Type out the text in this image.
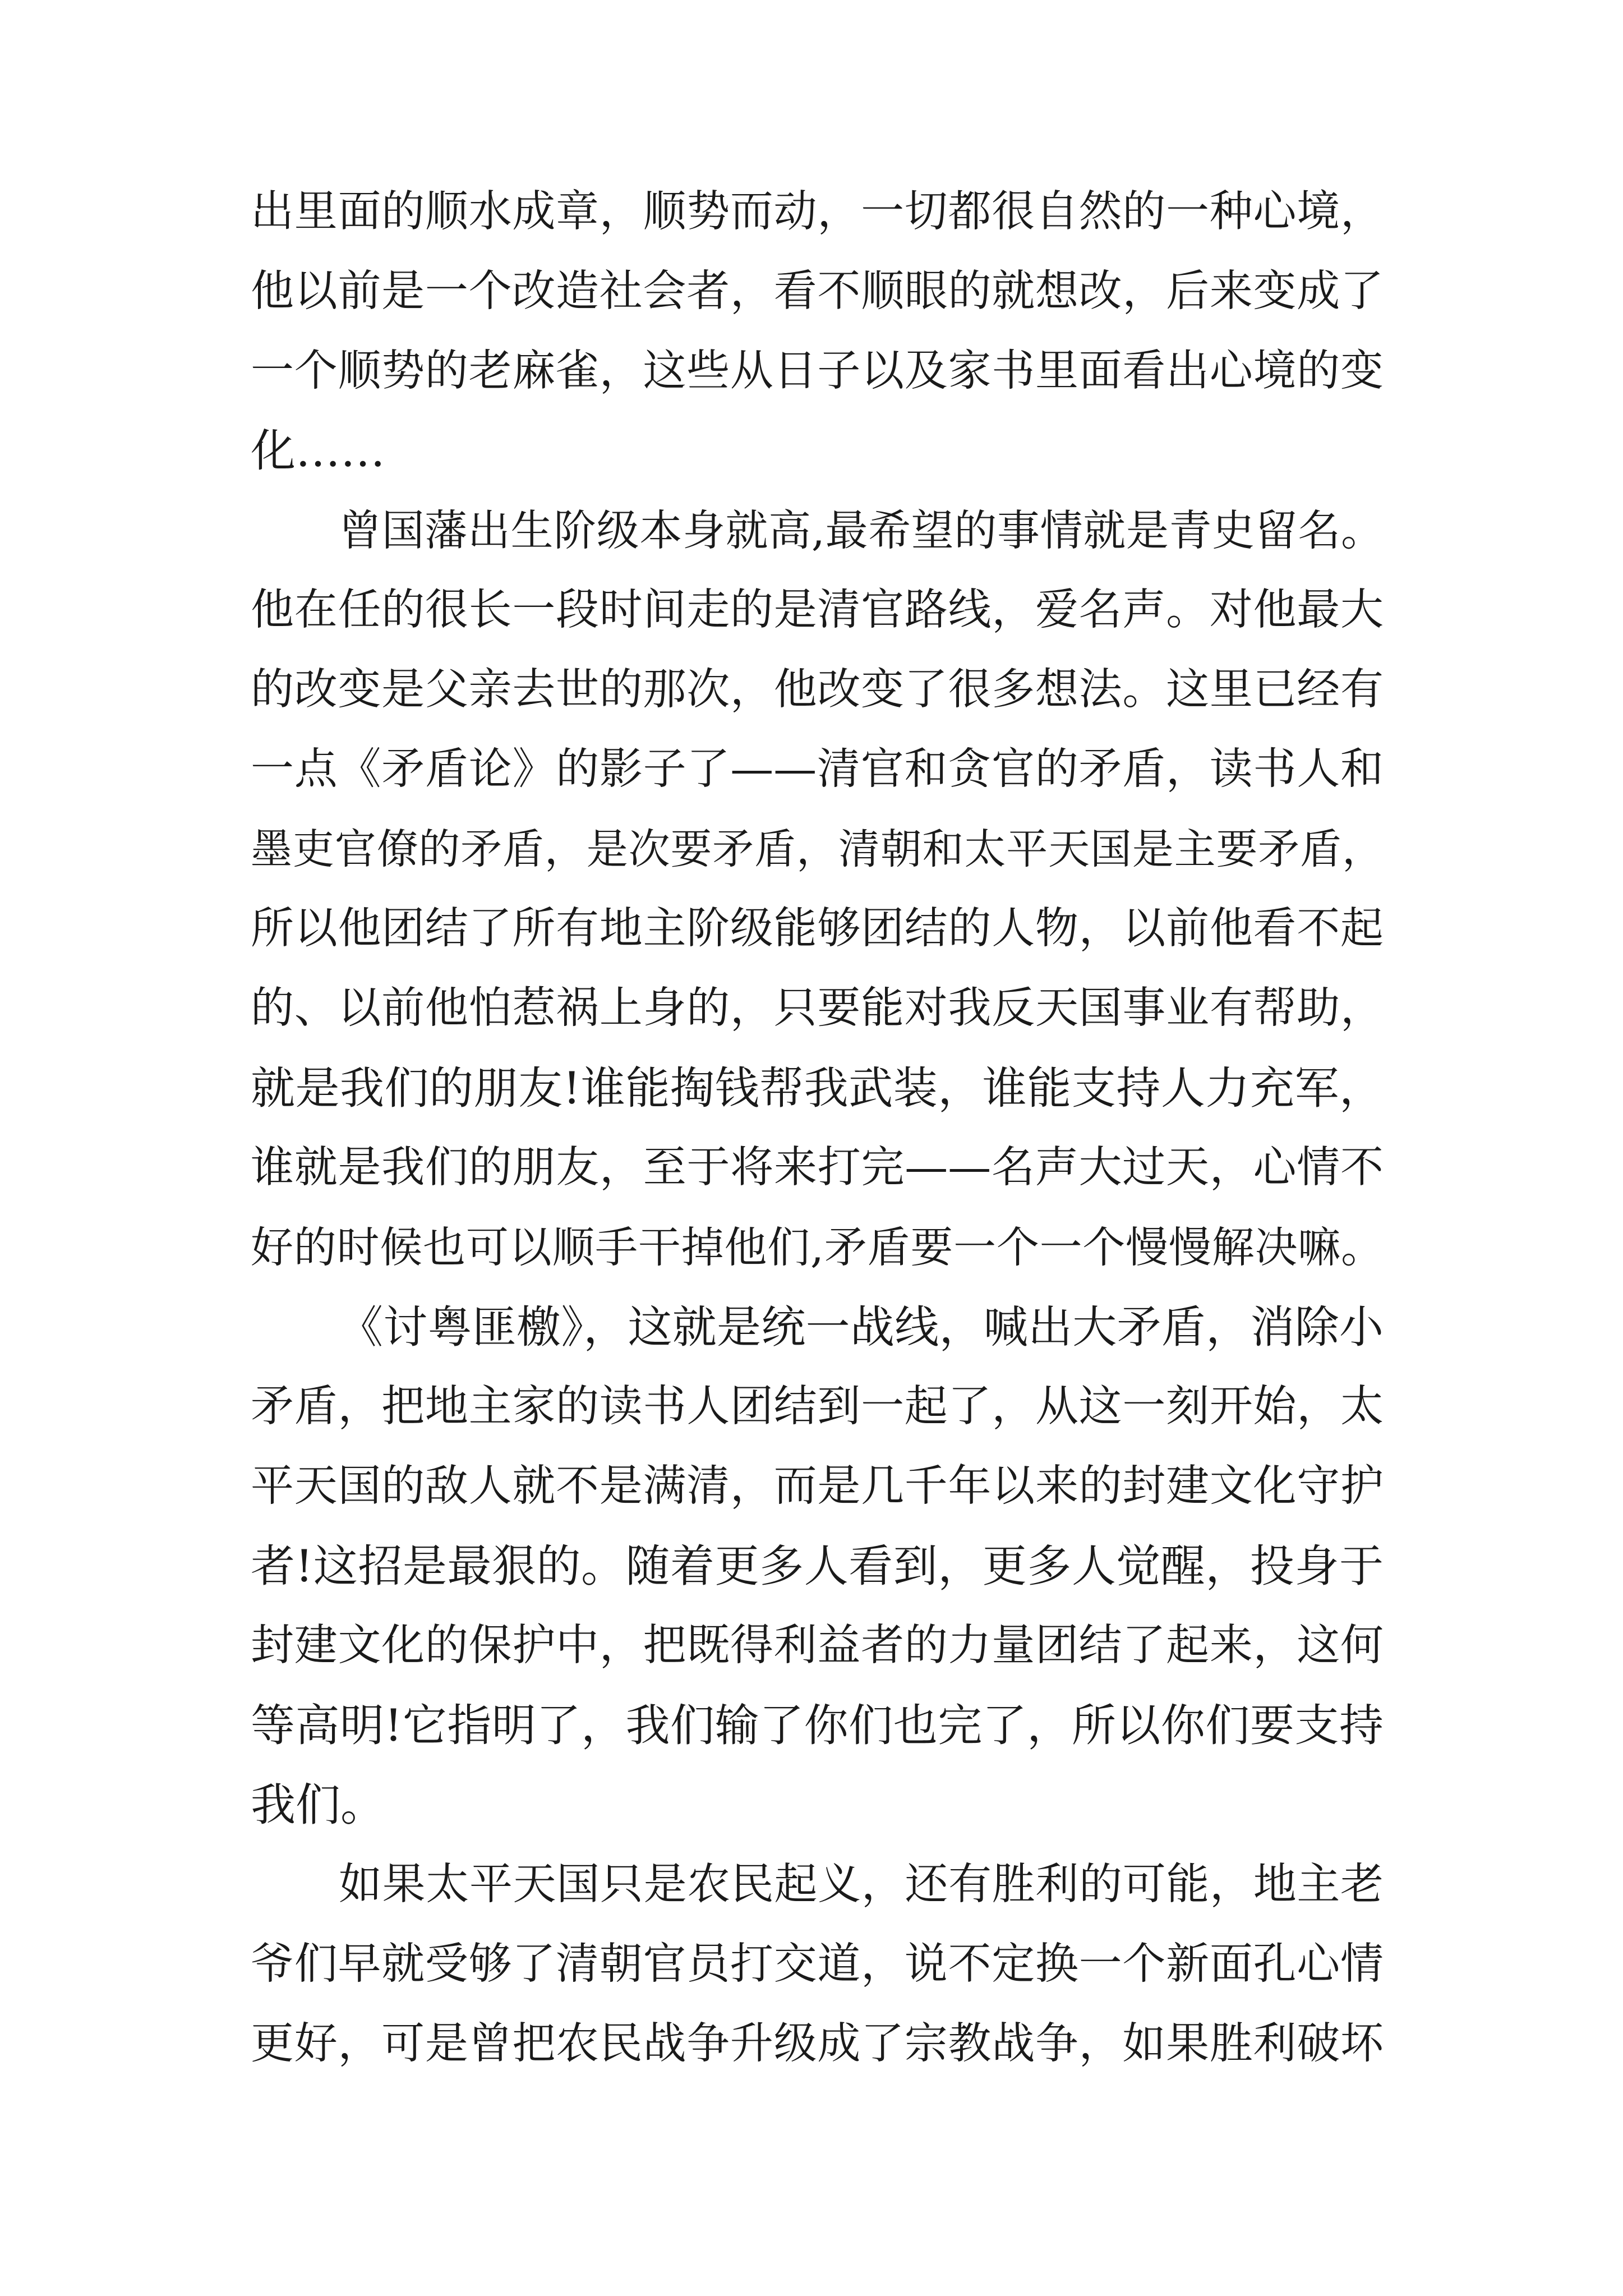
出里面的顺水成章，顺势而动，一切都很自然的一种心境，
他以前是一个改造社会者，看不顺眼的就想改，后来变成了
一个顺势的老麻雀，这些从日子以及家书里面看出心境的变
化……
曾国藩出生阶级本身就高,最希望的事情就是青史留名。
他在任的很长一段时间走的是清官路线，爱名声。对他最大
的改变是父亲去世的那次，他改变了很多想法。这里已经有
一点《矛盾论》的影子了——清官和贪官的矛盾，读书人和
墨吏官僚的矛盾，是次要矛盾，清朝和太平天国是主要矛盾，
所以他团结了所有地主阶级能够团结的人物，以前他看不起
的、以前他怕惹祸上身的，只要能对我反天国事业有帮助，
就是我们的朋友!谁能掏钱帮我武装，谁能支持人力充军，
谁就是我们的朋友，至于将来打完——名声大过天，心情不
好的时候也可以顺手干掉他们,矛盾要一个一个慢慢解决嘛。
《讨粤匪檄》，这就是统一战线，喊出大矛盾，消除小
矛盾，把地主家的读书人团结到一起了，从这一刻开始，太
平天国的敌人就不是满清，而是几千年以来的封建文化守护
者!这招是最狠的。随着更多人看到，更多人觉醒，投身于
封建文化的保护中，把既得利益者的力量团结了起来，这何
等高明!它指明了，我们输了你们也完了，所以你们要支持
我们。
如果太平天国只是农民起义，还有胜利的可能，地主老
爷们早就受够了清朝官员打交道，说不定换一个新面孔心情
更好，可是曾把农民战争升级成了宗教战争，如果胜利破坏
